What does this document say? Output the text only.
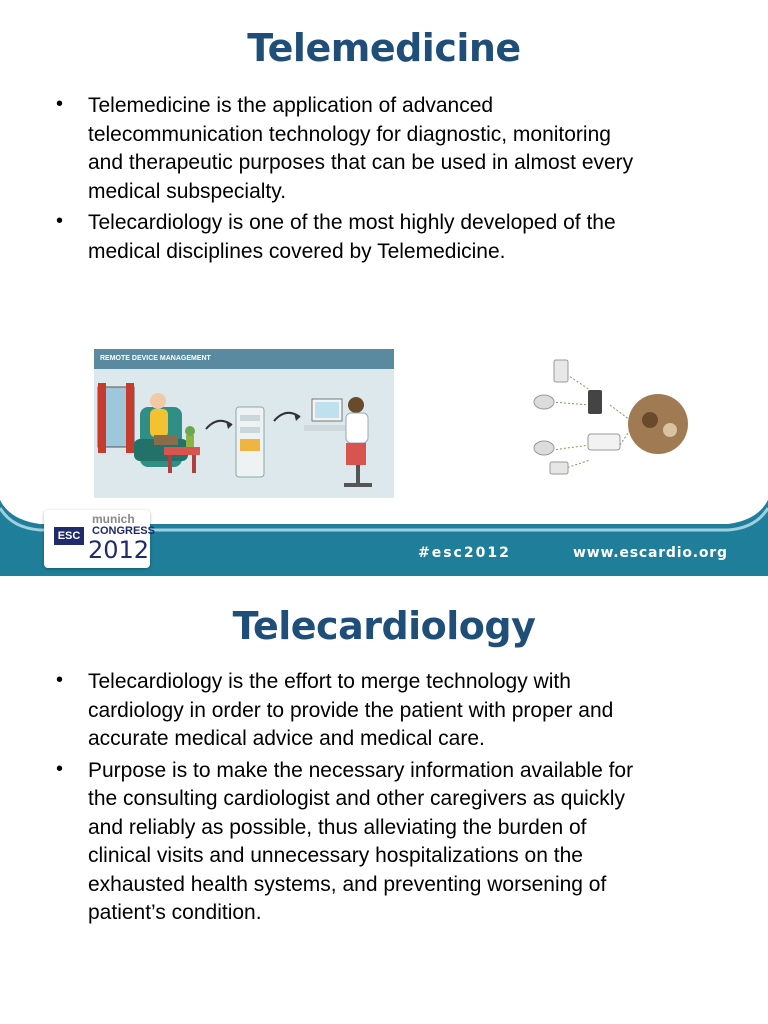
Telemedicine
• Telemedicine is the application of advanced
telecommunication technology for diagnostic, monitoring
and therapeutic purposes that can be used in almost every
medical subspecialty.
• Telecardiology is one of the most highly developed of the
medical disciplines covered by Telemedicine.
REMOTE DEVICE MANAGEMENT
ESC
munich
CONGRESS
2012	#esc2012	www.escardio.org
Telecardiology
• Telecardiology is the effort to merge technology with
cardiology in order to provide the patient with proper and
accurate medical advice and medical care.
• Purpose is to make the necessary information available for
the consulting cardiologist and other caregivers as quickly
and reliably as possible, thus alleviating the burden of
clinical visits and unnecessary hospitalizations on the
exhausted health systems, and preventing worsening of
patient’s condition.
